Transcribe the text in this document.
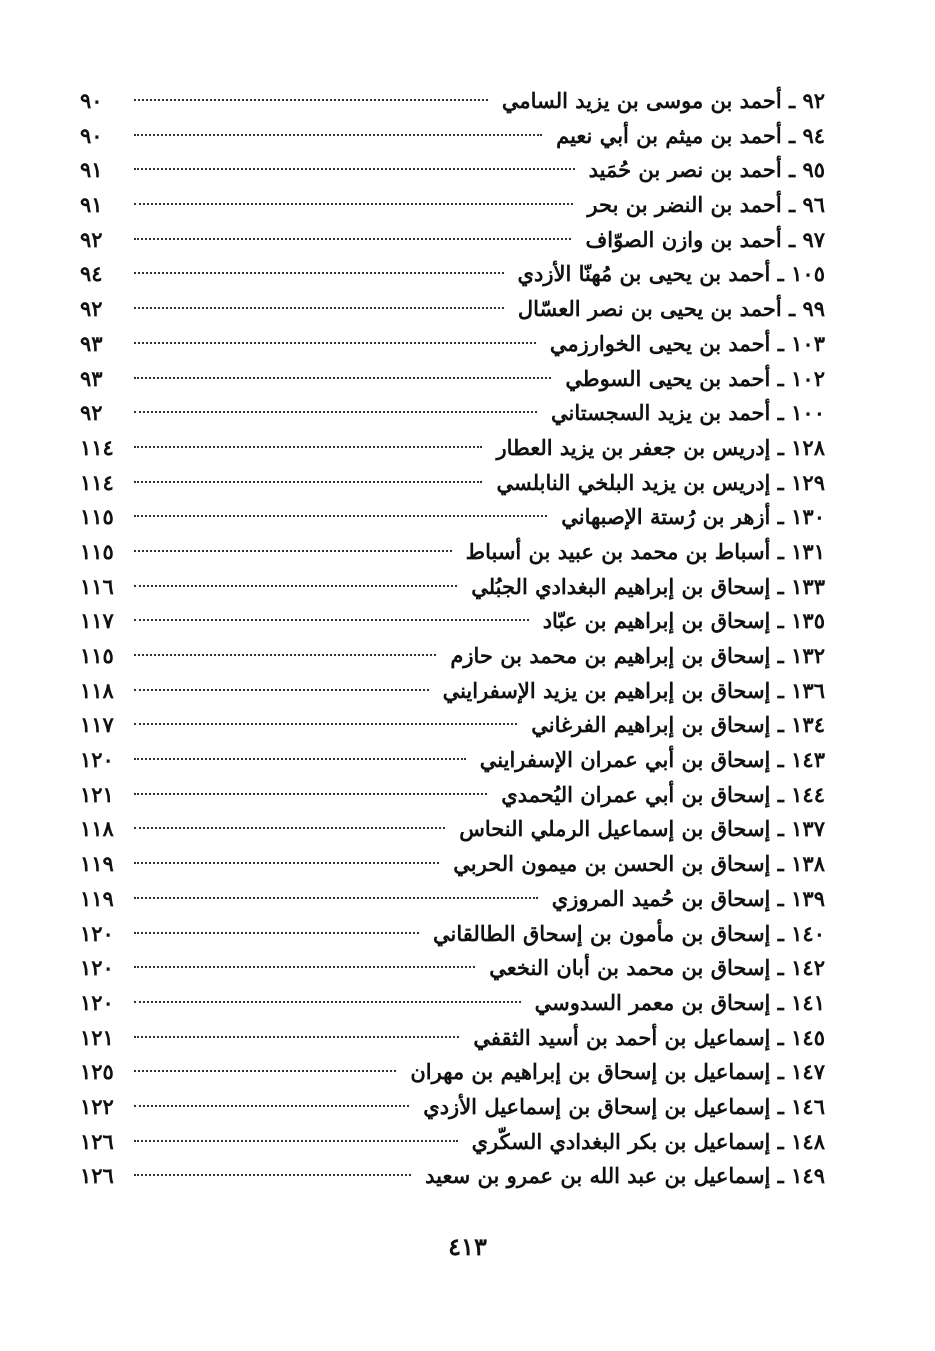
٩٢ ـ أحمد بن موسى بن يزيد السامي
٩٠
٩٤ ـ أحمد بن ميثم بن أبي نعيم
٩٠
٩٥ ـ أحمد بن نصر بن حُمَيد
٩١
٩٦ ـ أحمد بن النضر بن بحر
٩١
٩٧ ـ أحمد بن وازن الصوّاف
٩٢
١٠٥ ـ أحمد بن يحيى بن مُهنّا الأزدي
٩٤
٩٩ ـ أحمد بن يحيى بن نصر العسّال
٩٢
١٠٣ ـ أحمد بن يحيى الخوارزمي
٩٣
١٠٢ ـ أحمد بن يحيى السوطي
٩٣
١٠٠ ـ أحمد بن يزيد السجستاني
٩٢
١٢٨ ـ إدريس بن جعفر بن يزيد العطار
١١٤
١٢٩ ـ إدريس بن يزيد البلخي النابلسي
١١٤
١٣٠ ـ أزهر بن رُستة الإصبهاني
١١٥
١٣١ ـ أسباط بن محمد بن عبيد بن أسباط
١١٥
١٣٣ ـ إسحاق بن إبراهيم البغدادي الجبُلي
١١٦
١٣٥ ـ إسحاق بن إبراهيم بن عبّاد
١١٧
١٣٢ ـ إسحاق بن إبراهيم بن محمد بن حازم
١١٥
١٣٦ ـ إسحاق بن إبراهيم بن يزيد الإسفرايني
١١٨
١٣٤ ـ إسحاق بن إبراهيم الفرغاني
١١٧
١٤٣ ـ إسحاق بن أبي عمران الإسفرايني
١٢٠
١٤٤ ـ إسحاق بن أبي عمران اليُحمدي
١٢١
١٣٧ ـ إسحاق بن إسماعيل الرملي النحاس
١١٨
١٣٨ ـ إسحاق بن الحسن بن ميمون الحربي
١١٩
١٣٩ ـ إسحاق بن حُميد المروزي
١١٩
١٤٠ ـ إسحاق بن مأمون بن إسحاق الطالقاني
١٢٠
١٤٢ ـ إسحاق بن محمد بن أبان النخعي
١٢٠
١٤١ ـ إسحاق بن معمر السدوسي
١٢٠
١٤٥ ـ إسماعيل بن أحمد بن أسيد الثقفي
١٢١
١٤٧ ـ إسماعيل بن إسحاق بن إبراهيم بن مهران
١٢٥
١٤٦ ـ إسماعيل بن إسحاق بن إسماعيل الأزدي
١٢٢
١٤٨ ـ إسماعيل بن بكر البغدادي السكّري
١٢٦
١٤٩ ـ إسماعيل بن عبد الله بن عمرو بن سعيد
١٢٦
٤١٣
